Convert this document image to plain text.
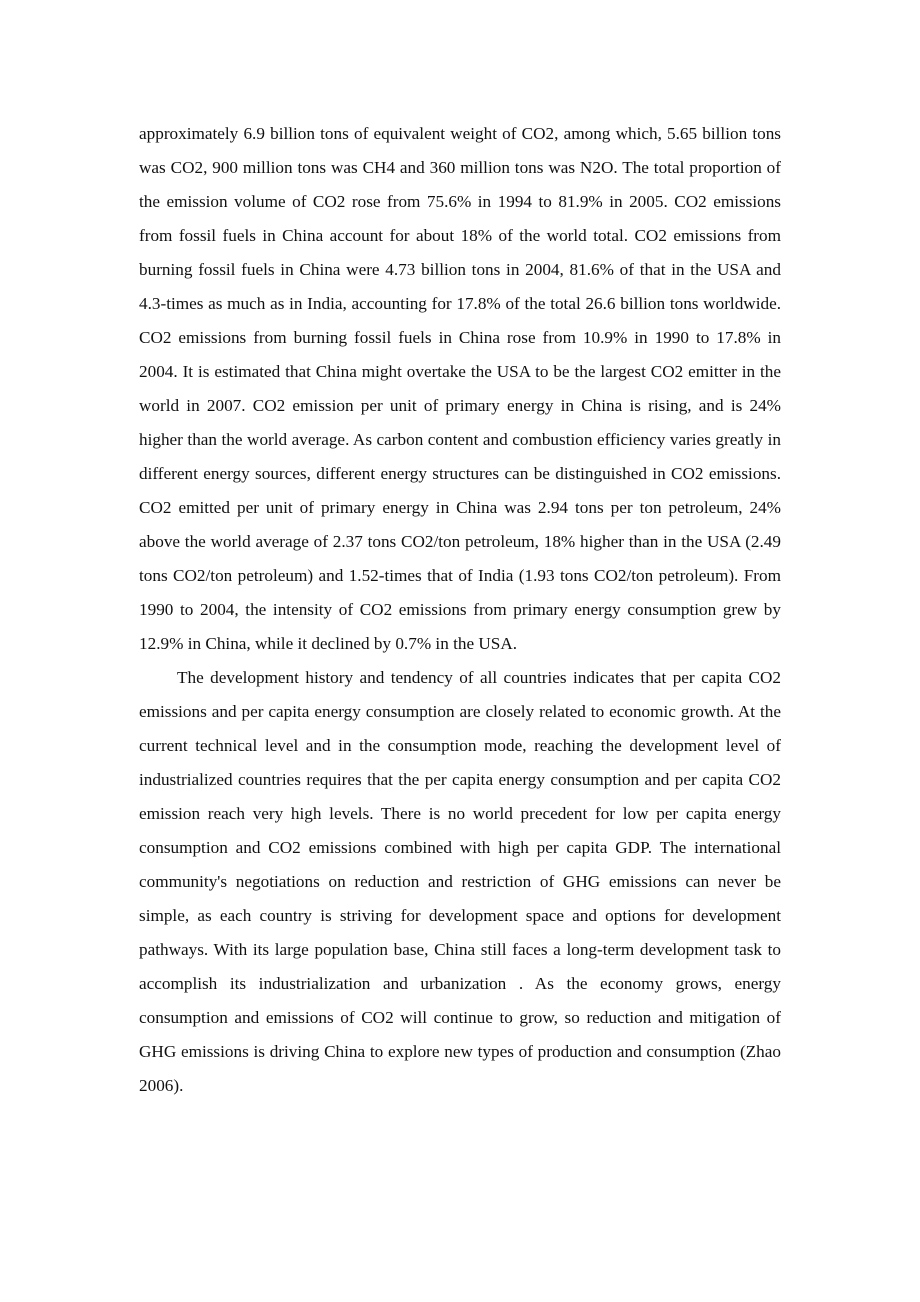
approximately 6.9 billion tons of equivalent weight of CO2, among which, 5.65 billion tons was CO2, 900 million tons was CH4 and 360 million tons was N2O. The total proportion of the emission volume of CO2 rose from 75.6% in 1994 to 81.9% in 2005. CO2 emissions from fossil fuels in China account for about 18% of the world total. CO2 emissions from burning fossil fuels in China were 4.73 billion tons in 2004, 81.6% of that in the USA and 4.3-times as much as in India, accounting for 17.8% of the total 26.6 billion tons worldwide. CO2 emissions from burning fossil fuels in China rose from 10.9% in 1990 to 17.8% in 2004. It is estimated that China might overtake the USA to be the largest CO2 emitter in the world in 2007. CO2 emission per unit of primary energy in China is rising, and is 24% higher than the world average. As carbon content and combustion efficiency varies greatly in different energy sources, different energy structures can be distinguished in CO2 emissions. CO2 emitted per unit of primary energy in China was 2.94 tons per ton petroleum, 24% above the world average of 2.37 tons CO2/ton petroleum, 18% higher than in the USA (2.49 tons CO2/ton petroleum) and 1.52-times that of India (1.93 tons CO2/ton petroleum). From 1990 to 2004, the intensity of CO2 emissions from primary energy consumption grew by 12.9% in China, while it declined by 0.7% in the USA.

The development history and tendency of all countries indicates that per capita CO2 emissions and per capita energy consumption are closely related to economic growth. At the current technical level and in the consumption mode, reaching the development level of industrialized countries requires that the per capita energy consumption and per capita CO2 emission reach very high levels. There is no world precedent for low per capita energy consumption and CO2 emissions combined with high per capita GDP. The international community's negotiations on reduction and restriction of GHG emissions can never be simple, as each country is striving for development space and options for development pathways. With its large population base, China still faces a long-term development task to accomplish its industrialization and urbanization . As the economy grows, energy consumption and emissions of CO2 will continue to grow, so reduction and mitigation of GHG emissions is driving China to explore new types of production and consumption (Zhao 2006).
